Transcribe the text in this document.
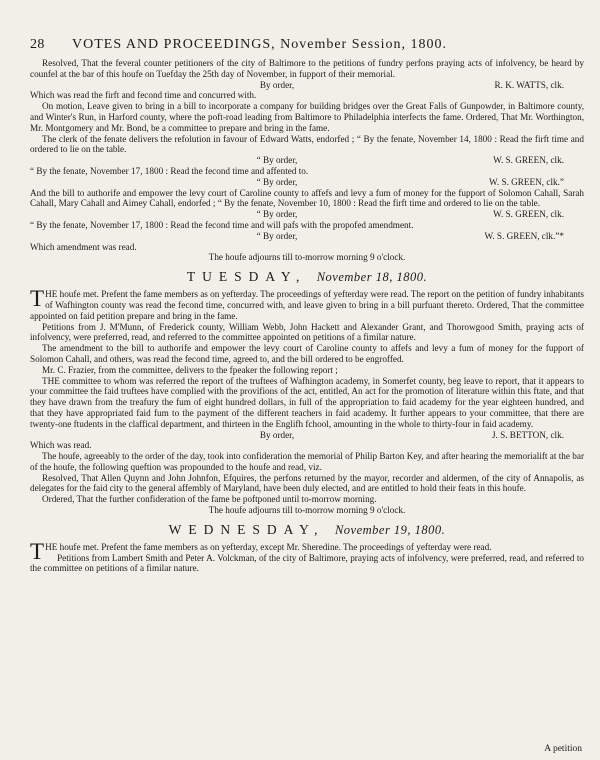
28	VOTES AND PROCEEDINGS, November Session, 1800.

Resolved, That the feveral counter petitioners of the city of Baltimore to the petitions of fundry perfons praying acts of infolvency, be heard by counfel at the bar of this houfe on Tuefday the 25th day of November, in fupport of their memorial.

By order,	R. K. WATTS, clk.

Which was read the firft and fecond time and concurred with.

On motion, Leave given to bring in a bill to incorporate a company for building bridges over the Great Falls of Gunpowder, in Baltimore county, and Winter's Run, in Harford county, where the poft-road leading from Baltimore to Philadelphia interfects the fame. Ordered, That Mr. Worthington, Mr. Montgomery and Mr. Bond, be a committee to prepare and bring in the fame.

The clerk of the fenate delivers the refolution in favour of Edward Watts, endorfed ; “ By the fenate, November 14, 1800 : Read the firft time and ordered to lie on the table.

“ By order,	W. S. GREEN, clk.

“ By the fenate, November 17, 1800 : Read the fecond time and affented to.

“ By order,	W. S. GREEN, clk.”

And the bill to authorife and empower the levy court of Caroline county to affefs and levy a fum of money for the fupport of Solomon Cahall, Sarah Cahall, Mary Cahall and Aimey Cahall, endorfed ; “ By the fenate, November 10, 1800 : Read the firft time and ordered to lie on the table.

“ By order,	W. S. GREEN, clk.

“ By the fenate, November 17, 1800 : Read the fecond time and will pafs with the propofed amendment.

“ By order,	W. S. GREEN, clk.”*

Which amendment was read.

The houfe adjourns till to-morrow morning 9 o'clock.
TUESDAY, November 18, 1800.

THE houfe met. Prefent the fame members as on yefterday. The proceedings of yefterday were read. The report on the petition of fundry inhabitants of Wafhington county was read the fecond time, concurred with, and leave given to bring in a bill purfuant thereto. Ordered, That the committee appointed on faid petition prepare and bring in the fame.

Petitions from J. M'Munn, of Frederick county, William Webb, John Hackett and Alexander Grant, and Thorowgood Smith, praying acts of infolvency, were preferred, read, and referred to the committee appointed on petitions of a fimilar nature.

The amendment to the bill to authorife and empower the levy court of Caroline county to affefs and levy a fum of money for the fupport of Solomon Cahall, and others, was read the fecond time, agreed to, and the bill ordered to be engroffed.

Mr. C. Frazier, from the committee, delivers to the fpeaker the following report ;

THE committee to whom was referred the report of the truftees of Wafhington academy, in Somerfet county, beg leave to report, that it appears to your committee the faid truftees have complied with the provifions of the act, entitled, An act for the promotion of literature within this ftate, and that they have drawn from the treafury the fum of eight hundred dollars, in full of the appropriation to faid academy for the year eighteen hundred, and that they have appropriated faid fum to the payment of the different teachers in faid academy. It further appears to your committee, that there are twenty-one ftudents in the claffical department, and thirteen in the Englifh fchool, amounting in the whole to thirty-four in faid academy.

By order,	J. S. BETTON, clk.

Which was read.

The houfe, agreeably to the order of the day, took into confideration the memorial of Philip Barton Key, and after hearing the memorialift at the bar of the houfe, the following queftion was propounded to the houfe and read, viz.

Resolved, That Allen Quynn and John Johnfon, Efquires, the perfons returned by the mayor, recorder and aldermen, of the city of Annapolis, as delegates for the faid city to the general affembly of Maryland, have been duly elected, and are entitled to hold their feats in this houfe.

Ordered, That the further confideration of the fame be poftponed until to-morrow morning.

The houfe adjourns till to-morrow morning 9 o'clock.
WEDNESDAY, November 19, 1800.

THE houfe met. Prefent the fame members as on yefterday, except Mr. Sheredine. The proceedings of yefterday were read.

Petitions from Lambert Smith and Peter A. Volckman, of the city of Baltimore, praying acts of infolvency, were preferred, read, and referred to the committee on petitions of a fimilar nature.

A petition
